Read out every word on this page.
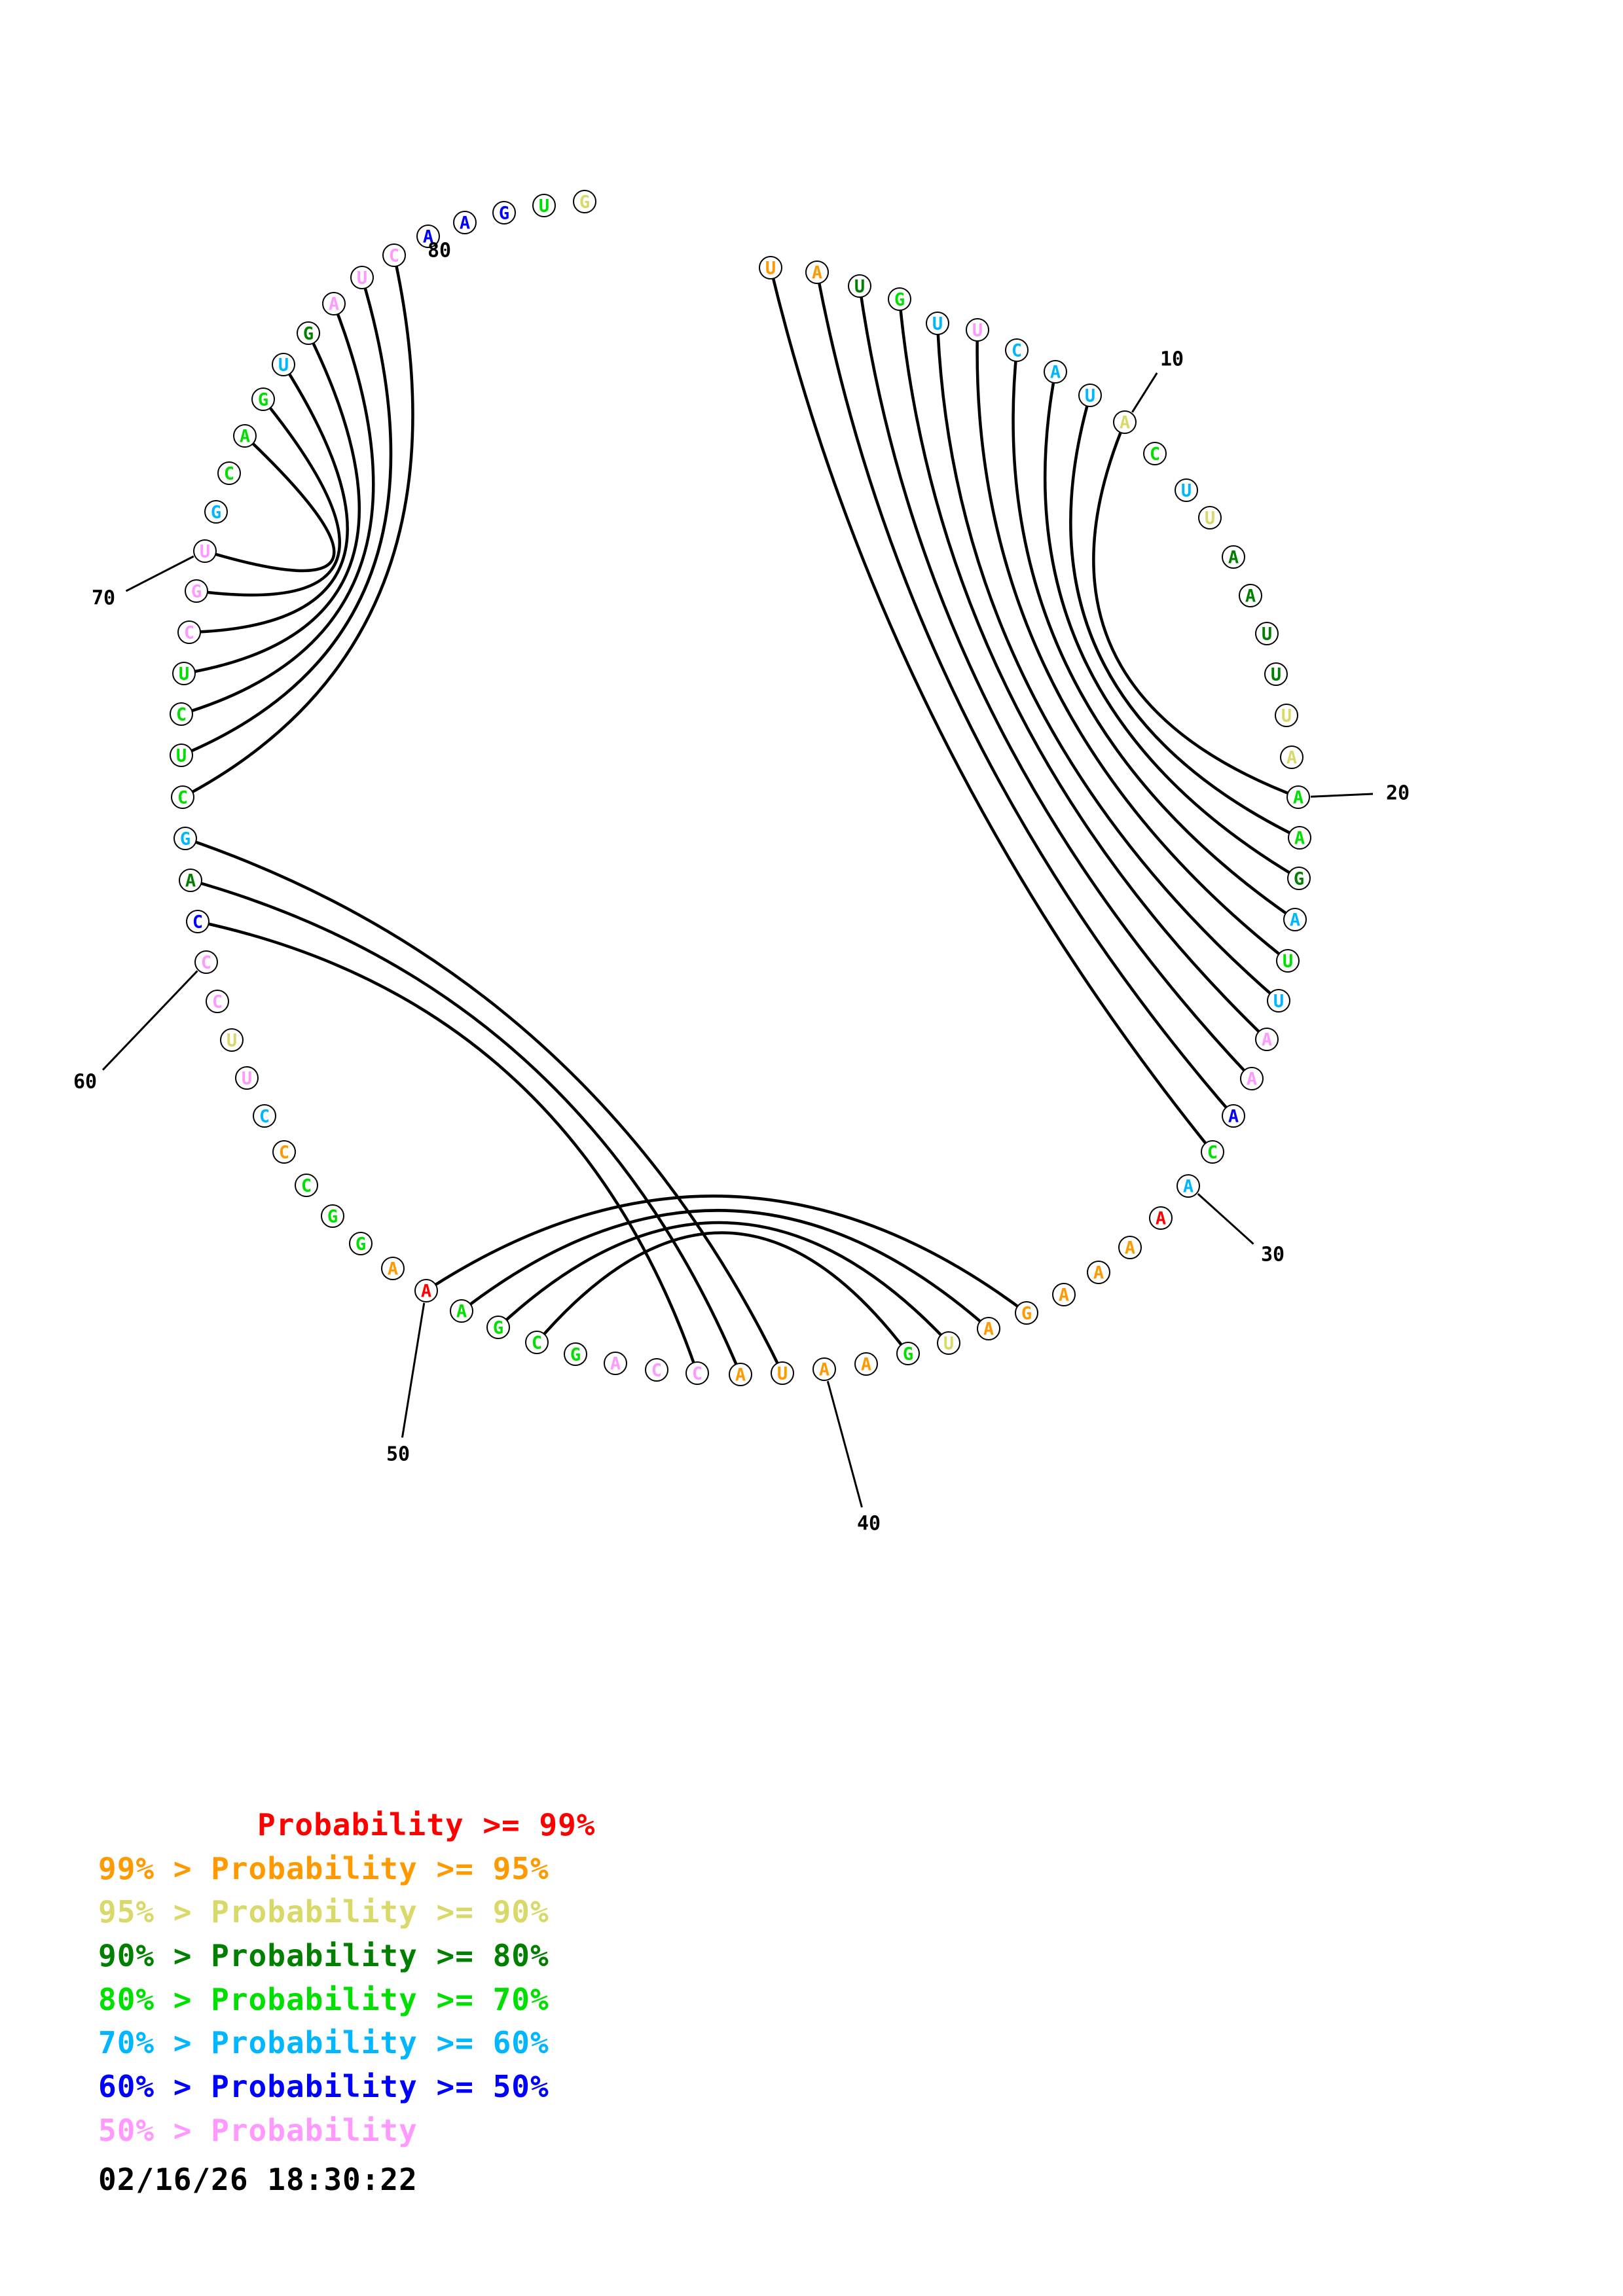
U A
U
G
U U
C
A
U
A
C
U
U
A
A
U
U
U
A
A
A
G
A
U
U
A
A
A
C
A
A
A
A
A
G
A
U
G
A
A
U
A
C
C
A
G
C
G
A
A
A
G
G
C
C
C
U
U
C
C
C
A
G
C
U
C
U
C
G
U
G
C
A
G
U
G
A
U
C
A
A G U G
10
20
30
40
50
60
70
80
Probability >= 99%
99% > Probability >= 95%
95% > Probability >= 90%
90% > Probability >= 80%
80% > Probability >= 70%
70% > Probability >= 60%
60% > Probability >= 50%
50% > Probability
02/16/26 18:30:22
